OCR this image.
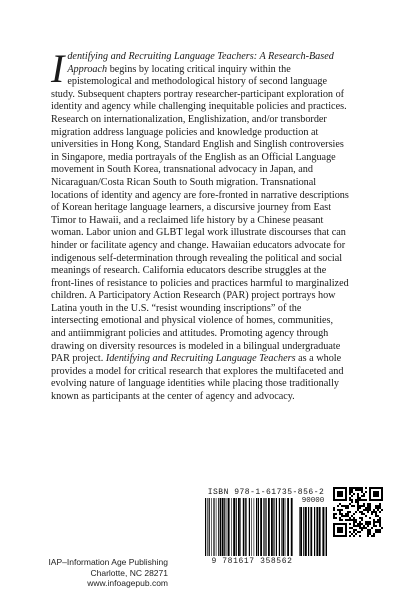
Identifying and Recruiting Language Teachers: A Research-Based Approach begins by locating critical inquiry within the epistemological and methodological history of second language study. Subsequent chapters portray researcher-participant exploration of identity and agency while challenging inequitable policies and practices. Research on internationalization, Englishization, and/or transborder migration address language policies and knowledge production at universities in Hong Kong, Standard English and Singlish controversies in Singapore, media portrayals of the English as an Official Language movement in South Korea, transnational advocacy in Japan, and Nicaraguan/Costa Rican South to South migration. Transnational locations of identity and agency are fore-fronted in narrative descriptions of Korean heritage language learners, a discursive journey from East Timor to Hawaii, and a reclaimed life history by a Chinese peasant woman. Labor union and GLBT legal work illustrate discourses that can hinder or facilitate agency and change. Hawaiian educators advocate for indigenous self-determination through revealing the political and social meanings of research. California educators describe struggles at the front-lines of resistance to policies and practices harmful to marginalized children. A Participatory Action Research (PAR) project portrays how Latina youth in the U.S. “resist wounding inscriptions” of the intersecting emotional and physical violence of homes, communities, and antiimmigrant policies and attitudes. Promoting agency through drawing on diversity resources is modeled in a bilingual undergraduate PAR project. Identifying and Recruiting Language Teachers as a whole provides a model for critical research that explores the multifaceted and evolving nature of language identities while placing those traditionally known as participants at the center of agency and advocacy.

ISBN 978-1-61735-856-2
90000
9 781617 358562
IAP–Information Age Publishing
Charlotte, NC 28271
www.infoagepub.com
